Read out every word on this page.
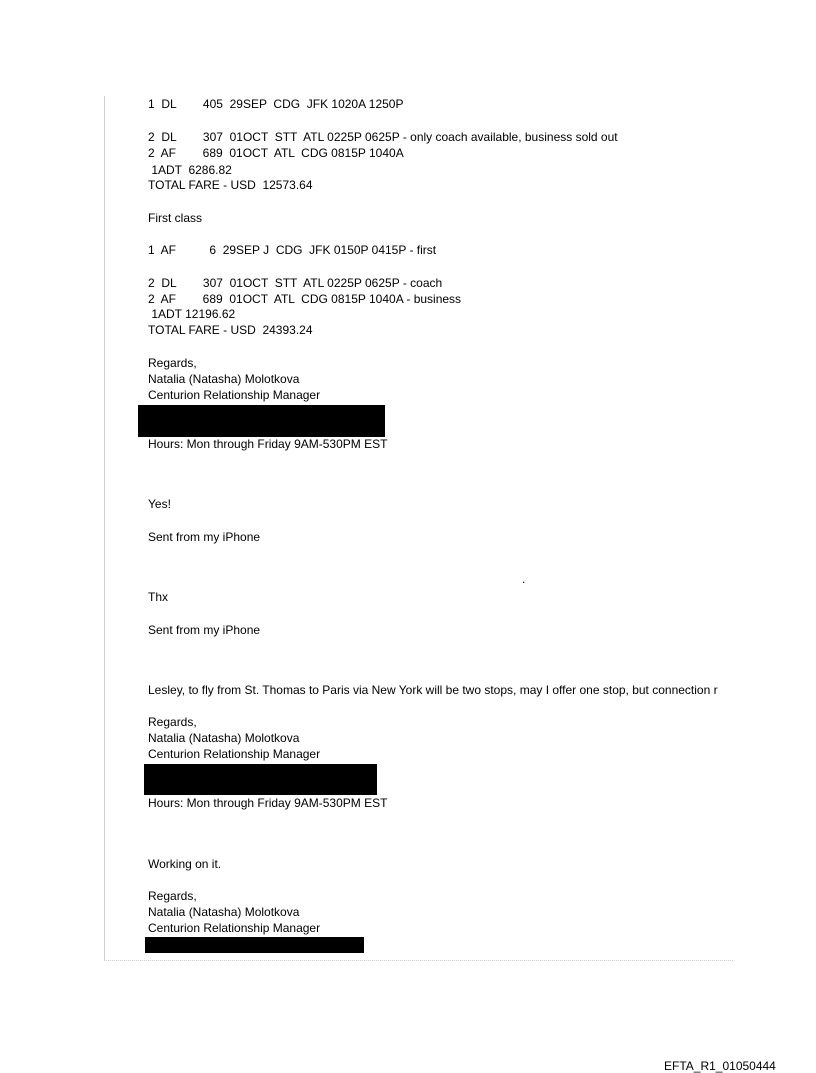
1  DL        405  29SEP  CDG  JFK 1020A 1250P
2  DL        307  01OCT  STT  ATL 0225P 0625P - only coach available, business sold out
2  AF        689  01OCT  ATL  CDG 0815P 1040A
1ADT  6286.82
TOTAL FARE - USD  12573.64
First class
1  AF          6  29SEP J  CDG  JFK 0150P 0415P - first
2  DL        307  01OCT  STT  ATL 0225P 0625P - coach
2  AF        689  01OCT  ATL  CDG 0815P 1040A - business
1ADT 12196.62
TOTAL FARE - USD  24393.24
Regards,
Natalia (Natasha) Molotkova
Centurion Relationship Manager
Hours: Mon through Friday 9AM-530PM EST
Yes!
Sent from my iPhone
.
Thx
Sent from my iPhone
Lesley, to fly from St. Thomas to Paris via New York will be two stops, may I offer one stop, but connection r
Regards,
Natalia (Natasha) Molotkova
Centurion Relationship Manager
Hours: Mon through Friday 9AM-530PM EST
Working on it.
Regards,
Natalia (Natasha) Molotkova
Centurion Relationship Manager
EFTA_R1_01050444
